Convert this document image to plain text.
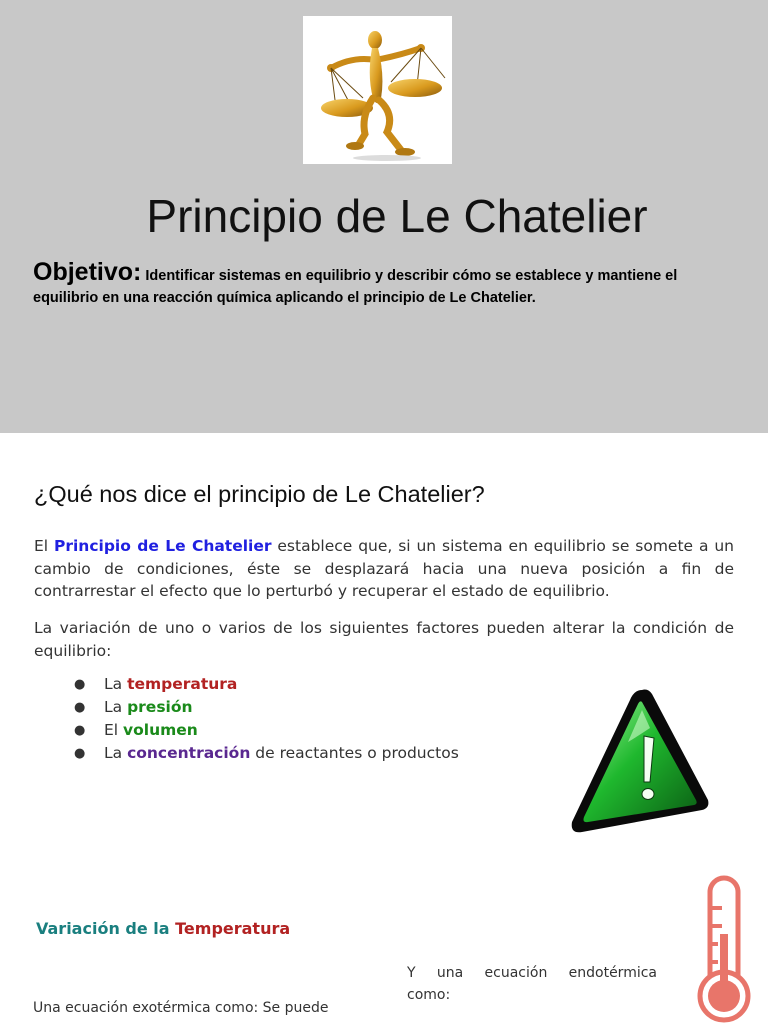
Principio de Le Chatelier
Objetivo: Identificar sistemas en equilibrio y describir cómo se establece y mantiene el equilibrio en una reacción química aplicando el principio de Le Chatelier.
¿Qué nos dice el principio de Le Chatelier?

El Principio de Le Chatelier establece que, si un sistema en equilibrio se somete a un cambio de condiciones, éste se desplazará hacia una nueva posición a fin de contrarrestar el efecto que lo perturbó y recuperar el estado de equilibrio.

La variación de uno o varios de los siguientes factores pueden alterar la condición de equilibrio:

● La temperatura
● La presión
● El volumen
● La concentración de reactantes o productos
Variación de la Temperatura
Y una ecuación endotérmica
como:
Una ecuación exotérmica como: Se puede
